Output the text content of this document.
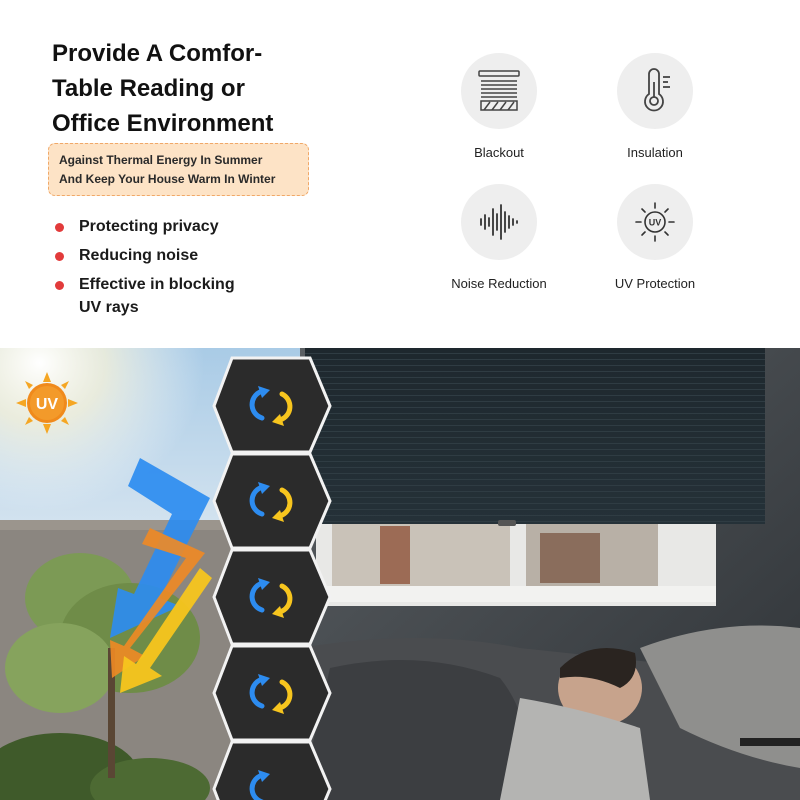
Provide A Comfor-
Table Reading or
Office Environment
Against Thermal Energy In Summer
And Keep Your House Warm In Winter
Protecting privacy
Reducing noise
Effective in blocking
UV rays
Blackout	Insulation
Noise Reduction
UV
UV Protection
UV
